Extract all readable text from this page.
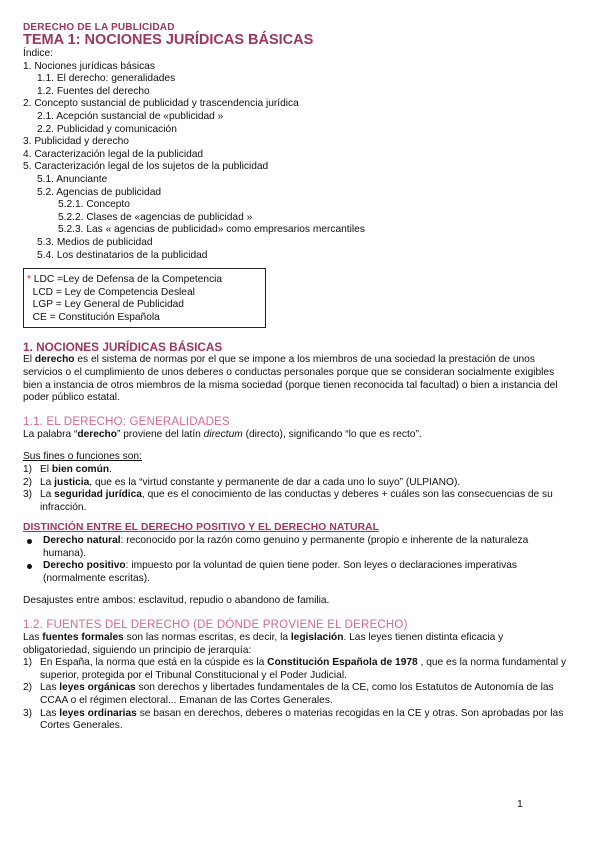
DERECHO DE LA PUBLICIDAD
TEMA 1: NOCIONES JURÍDICAS BÁSICAS
Índice:
1. Nociones jurídicas básicas
1.1. El derecho: generalidades
1.2. Fuentes del derecho
2. Concepto sustancial de publicidad y trascendencia jurídica
2.1. Acepción sustancial de «publicidad »
2.2. Publicidad y comunicación
3. Publicidad y derecho
4. Caracterización legal de la publicidad
5. Caracterización legal de los sujetos de la publicidad
5.1. Anunciante
5.2. Agencias de publicidad
5.2.1. Concepto
5.2.2. Clases de «agencias de publicidad »
5.2.3. Las « agencias de publicidad» como empresarios mercantiles
5.3. Medios de publicidad
5.4. Los destinatarios de la publicidad
* LDC =Ley de Defensa de la Competencia
LCD = Ley de Competencia Desleal
LGP = Ley General de Publicidad
CE = Constitución Española
1. NOCIONES JURÍDICAS BÁSICAS

El derecho es el sistema de normas por el que se impone a los miembros de una sociedad la prestación de unos servicios o el cumplimiento de unos deberes o conductas personales porque que se consideran socialmente exigibles bien a instancia de otros miembros de la misma sociedad (porque tienen reconocida tal facultad) o bien a instancia del poder público estatal.

1.1. EL DERECHO: GENERALIDADES

La palabra “derecho” proviene del latín directum (directo), significando “lo que es recto”.

Sus fines o funciones son:

1) El bien común.
2) La justicia, que es la “virtud constante y permanente de dar a cada uno lo suyo” (ULPIANO).
3) La seguridad jurídica, que es el conocimiento de las conductas y deberes + cuáles son las consecuencias de su infracción.
DISTINCIÓN ENTRE EL DERECHO POSITIVO Y EL DERECHO NATURAL
Derecho natural: reconocido por la razón como genuino y permanente (propio e inherente de la naturaleza humana).
Derecho positivo: impuesto por la voluntad de quien tiene poder. Son leyes o declaraciones imperativas (normalmente escritas).

Desajustes entre ambos: esclavitud, repudio o abandono de familia.

1.2. FUENTES DEL DERECHO (DE DÓNDE PROVIENE EL DERECHO)

Las fuentes formales son las normas escritas, es decir, la legislación. Las leyes tienen distinta eficacia y obligatoriedad, siguiendo un principio de jerarquía:

1) En España, la norma que está en la cúspide es la Constitución Española de 1978 , que es la norma fundamental y superior, protegida por el Tribunal Constitucional y el Poder Judicial.
2) Las leyes orgánicas son derechos y libertades fundamentales de la CE, como los Estatutos de Autonomía de las CCAA o el régimen electoral... Emanan de las Cortes Generales.
3) Las leyes ordinarias se basan en derechos, deberes o materias recogidas en la CE y otras. Son aprobadas por las Cortes Generales.
1
